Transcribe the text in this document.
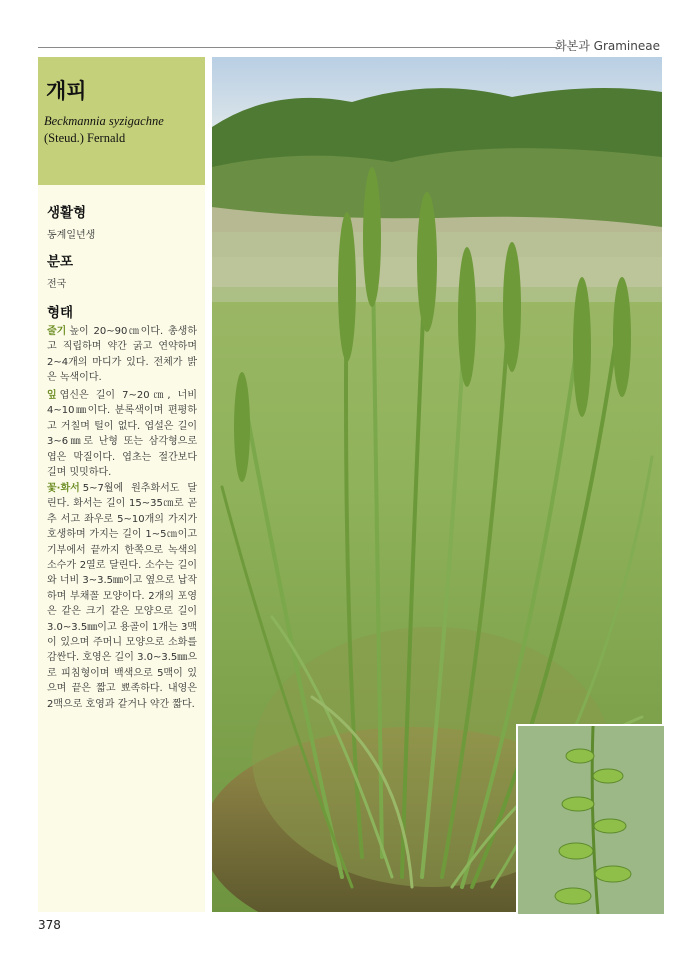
화본과 Gramineae
개피
Beckmannia syzigachne
(Steud.) Fernald
생활형
동계일년생
분포
전국
형태
줄기 높이 20~90㎝이다. 총생하고 직립하며 약간 굵고 연약하며 2~4개의 마디가 있다. 전체가 밝은 녹색이다.
잎 엽신은 길이 7~20㎝, 너비 4~10㎜이다. 분록색이며 편평하고 거칠며 털이 없다. 엽설은 길이 3~6㎜로 난형 또는 삼각형으로 엽은 막질이다. 엽초는 절간보다 길며 밋밋하다.
꽃·화서 5~7월에 원추화서도 달린다. 화서는 길이 15~35㎝로 곧추 서고 좌우로 5~10개의 가지가 호생하며 가지는 길이 1~5㎝이고 기부에서 끝까지 한쪽으로 녹색의 소수가 2열로 달린다. 소수는 길이와 너비 3~3.5㎜이고 옆으로 납작하며 부채꼴 모양이다. 2개의 포영은 같은 크기 같은 모양으로 길이 3.0~3.5㎜이고 용골이 1개는 3맥이 있으며 주머니 모양으로 소화를 감싼다. 호영은 길이 3.0~3.5㎜으로 피침형이며 백색으로 5맥이 있으며 끝은 짧고 뾰족하다. 내영은 2맥으로 호영과 같거나 약간 짧다.
378
